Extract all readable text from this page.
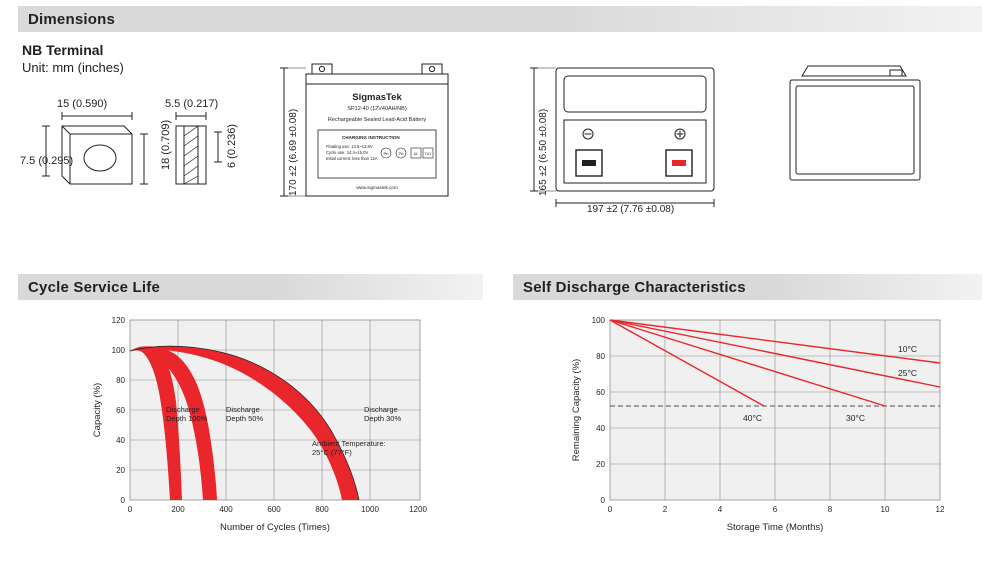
Dimensions
NB Terminal
Unit: mm (inches)
15 (0.590)
7.5 (0.295)	18 (0.709)
5.5 (0.217)
6 (0.236)
SigmasTek
SP12-40 (12V40AH/NB)
Rechargeable Sealed Lead-Acid Battery
CHARGING INSTRUCTION
Floating use: 13.5~13.8V
Cycle use: 14.4~15.0V
Initial current: less than 12A
Pb	Pb	UL TUV
www.sigmastek.com
170 ±2 (6.69 ±0.08)	165 ±2 (6.50 ±0.08)
197 ±2 (7.76 ±0.08)
Cycle Service Life
120
100
80
60
40
20
0
0	200	400	600	800	1000	1200
Discharge
Depth 100%
Discharge
Depth 50%
Discharge
Depth 30%
Ambient Temperature:
25°C (77°F)
Number of Cycles (Times)
Capacity (%)
Self Discharge Characteristics
100
80
60
40
20
0
0	2	4	6	8	10	12
10°C
25°C
30°C
40°C
Storage Time (Months)
Remaining Capacity (%)
